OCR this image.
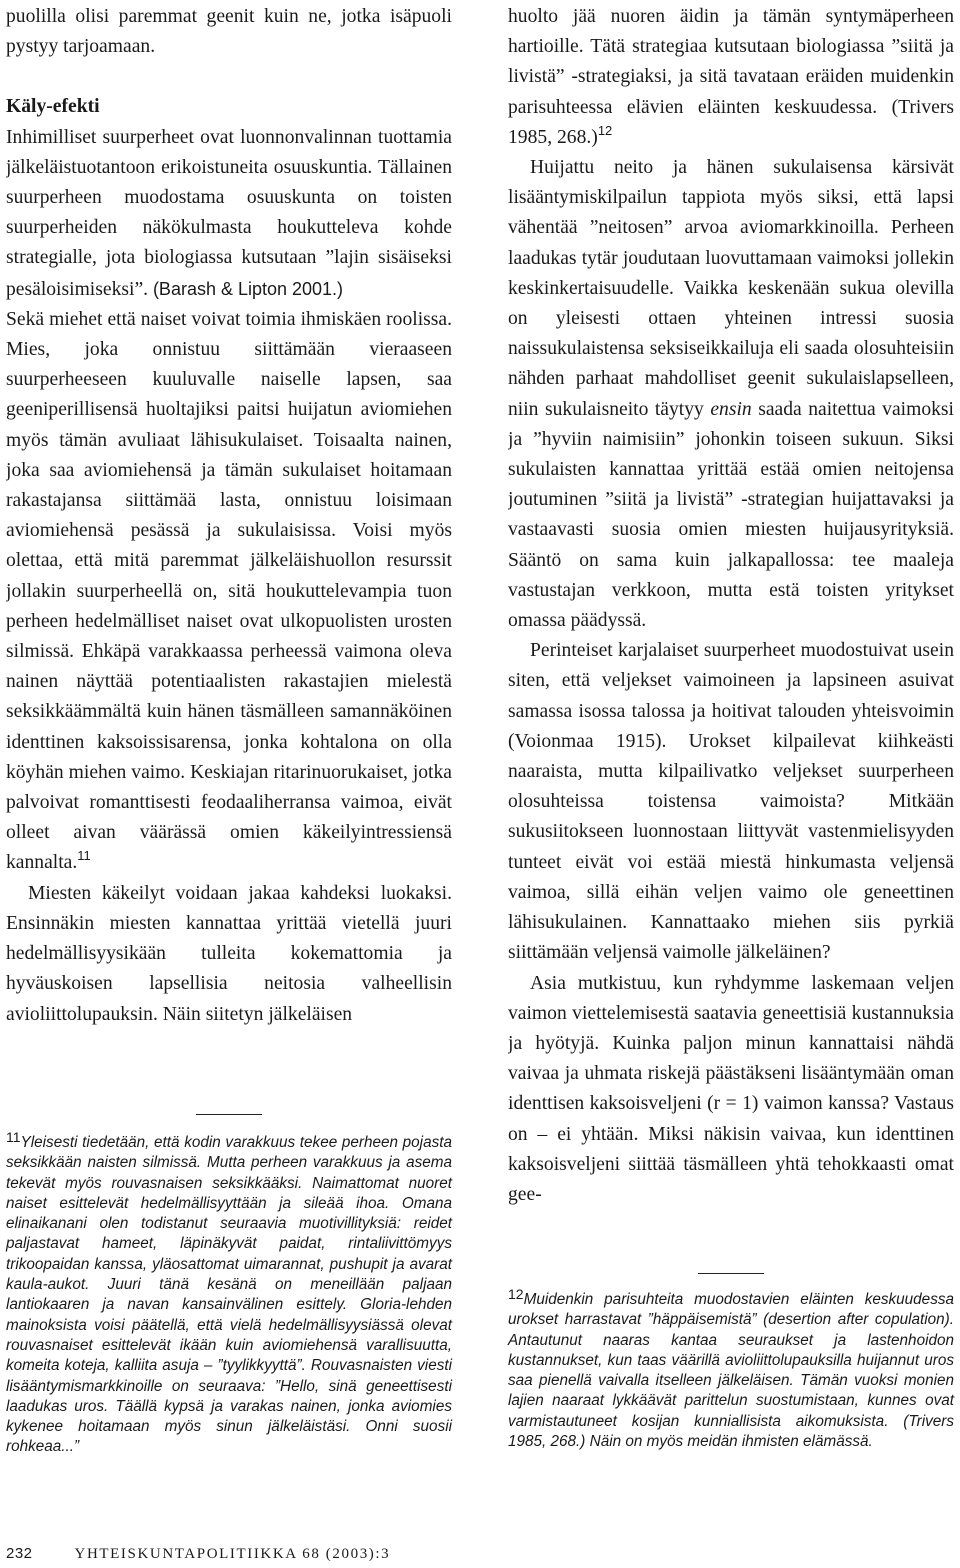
puolilla olisi paremmat geenit kuin ne, jotka isäpuoli pystyy tarjoamaan.

Käly-efekti

Inhimilliset suurperheet ovat luonnonvalinnan tuottamia jälkeläistuotantoon erikoistuneita osuuskuntia. Tällainen suurperheen muodostama osuuskunta on toisten suurperheiden näkökulmasta houkutteleva kohde strategialle, jota biologiassa kutsutaan ”lajin sisäiseksi pesäloisimiseksi”. (Barash & Lipton 2001.)

Sekä miehet että naiset voivat toimia ihmiskäen roolissa. Mies, joka onnistuu siittämään vieraaseen suurperheeseen kuuluvalle naiselle lapsen, saa geeniperillisensä huoltajiksi paitsi huijatun aviomiehen myös tämän avuliaat lähisukulaiset. Toisaalta nainen, joka saa aviomiehensä ja tämän sukulaiset hoitamaan rakastajansa siittämää lasta, onnistuu loisimaan aviomiehensä pesässä ja sukulaisissa. Voisi myös olettaa, että mitä paremmat jälkeläishuollon resurssit jollakin suurperheellä on, sitä houkuttelevampia tuon perheen hedelmälliset naiset ovat ulkopuolisten urosten silmissä. Ehkäpä varakkaassa perheessä vaimona oleva nainen näyttää potentiaalisten rakastajien mielestä seksikkäämmältä kuin hänen täsmälleen samannäköinen identtinen kaksoissisarensa, jonka kohtalona on olla köyhän miehen vaimo. Keskiajan ritarinuorukaiset, jotka palvoivat romanttisesti feodaaliherransa vaimoa, eivät olleet aivan väärässä omien käkeilyintressiensä kannalta.$^{11}$

Miesten käkeilyt voidaan jakaa kahdeksi luokaksi. Ensinnäkin miesten kannattaa yrittää vietellä juuri hedelmällisyysikään tulleita kokemattomia ja hyväuskoisen lapsellisia neitosia valheellisin avioliittolupauksin. Näin siitetyn jälkeläisen

huolto jää nuoren äidin ja tämän syntymäperheen hartioille. Tätä strategiaa kutsutaan biologiassa ”siitä ja livistä” -strategiaksi, ja sitä tavataan eräiden muidenkin parisuhteessa elävien eläinten keskuudessa. (Trivers 1985, 268.)$^{12}$

Huijattu neito ja hänen sukulaisensa kärsivät lisääntymiskilpailun tappiota myös siksi, että lapsi vähentää ”neitosen” arvoa aviomarkkinoilla. Perheen laadukas tytär joudutaan luovuttamaan vaimoksi jollekin keskinkertaisuudelle. Vaikka keskenään sukua olevilla on yleisesti ottaen yhteinen intressi suosia naissukulaistensa seksiseikkailuja eli saada olosuhteisiin nähden parhaat mahdolliset geenit sukulaislapselleen, niin sukulaisneito täytyy ensin saada naitettua vaimoksi ja ”hyviin naimisiin” johonkin toiseen sukuun. Siksi sukulaisten kannattaa yrittää estää omien neitojensa joutuminen ”siitä ja livistä” -strategian huijattavaksi ja vastaavasti suosia omien miesten huijausyrityksiä. Sääntö on sama kuin jalkapallossa: tee maaleja vastustajan verkkoon, mutta estä toisten yritykset omassa päädyssä.

Perinteiset karjalaiset suurperheet muodostuivat usein siten, että veljekset vaimoineen ja lapsineen asuivat samassa isossa talossa ja hoitivat talouden yhteisvoimin (Voionmaa 1915). Urokset kilpailevat kiihkeästi naaraista, mutta kilpailivatko veljekset suurperheen olosuhteissa toistensa vaimoista? Mitkään sukusiitokseen luonnostaan liittyvät vastenmielisyyden tunteet eivät voi estää miestä hinkumasta veljensä vaimoa, sillä eihän veljen vaimo ole geneettinen lähisukulainen. Kannattaako miehen siis pyrkiä siittämään veljensä vaimolle jälkeläinen?

Asia mutkistuu, kun ryhdymme laskemaan veljen vaimon viettelemisestä saatavia geneettisiä kustannuksia ja hyötyjä. Kuinka paljon minun kannattaisi nähdä vaivaa ja uhmata riskejä päästäkseni lisääntymään oman identtisen kaksoisveljeni (r = 1) vaimon kanssa? Vastaus on – ei yhtään. Miksi näkisin vaivaa, kun identtinen kaksoisveljeni siittää täsmälleen yhtä tehokkaasti omat gee-

11Yleisesti tiedetään, että kodin varakkuus tekee perheen pojasta seksikkään naisten silmissä. Mutta perheen varakkuus ja asema tekevät myös rouvasnaisen seksikkääksi. Naimattomat nuoret naiset esittelevät hedelmällisyyttään ja sileää ihoa. Omana elinaikanani olen todistanut seuraavia muotivillityksiä: reidet paljastavat hameet, läpinäkyvät paidat, rintaliivittömyys trikoopaidan kanssa, yläosattomat uimarannat, pushupit ja avarat kaula-aukot. Juuri tänä kesänä on meneillään paljaan lantiokaaren ja navan kansainvälinen esittely. Gloria-lehden mainoksista voisi päätellä, että vielä hedelmällisyysiässä olevat rouvasnaiset esittelevät ikään kuin aviomiehensä varallisuutta, komeita koteja, kalliita asuja – ”tyylikkyyttä”. Rouvasnaisten viesti lisääntymismarkkinoille on seuraava: ”Hello, sinä geneettisesti laadukas uros. Täällä kypsä ja varakas nainen, jonka aviomies kykenee hoitamaan myös sinun jälkeläistäsi. Onni suosii rohkeaa...”

12Muidenkin parisuhteita muodostavien eläinten keskuudessa urokset harrastavat ”häppäisemistä” (desertion after copulation). Antautunut naaras kantaa seuraukset ja lastenhoidon kustannukset, kun taas väärillä avioliittolupauksilla huijannut uros saa pienellä vaivalla itselleen jälkeläisen. Tämän vuoksi monien lajien naaraat lykkäävät parittelun suostumistaan, kunnes ovat varmistautuneet kosijan kunniallisista aikomuksista. (Trivers 1985, 268.) Näin on myös meidän ihmisten elämässä.

232	YHTEISKUNTAPOLITIIKKA 68 (2003):3
